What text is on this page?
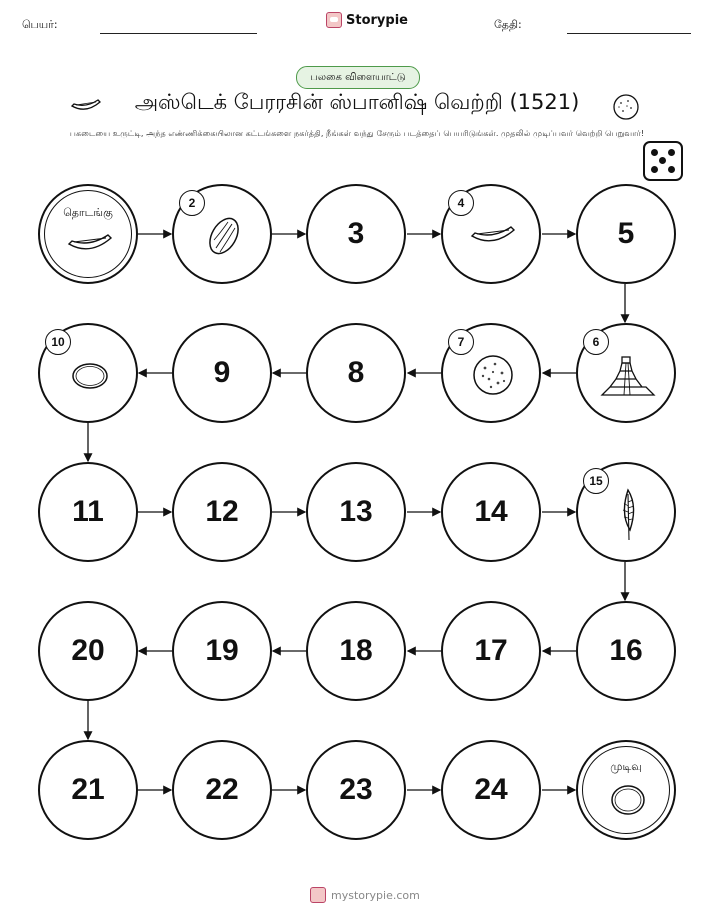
பெயர்:	Storypie	தேதி:
பலகை விளையாட்டு
அஸ்டெக் பேரரசின் ஸ்பானிஷ் வெற்றி (1521)
பகடையை உருட்டி, அந்த எண்ணிக்கையிலான கட்டங்களை நகர்த்தி, நீங்கள் வந்து சேரும் படத்தைப் பெயரிடுங்கள். முதலில் முடிப்பவர் வெற்றி பெறுவார்!
தொடங்கு
2
3
4
5
10
9	8
7	6
11	12	13	14
15
20	19	18	17	16
21	22	23	24
முடிவு
mystorypie.com
